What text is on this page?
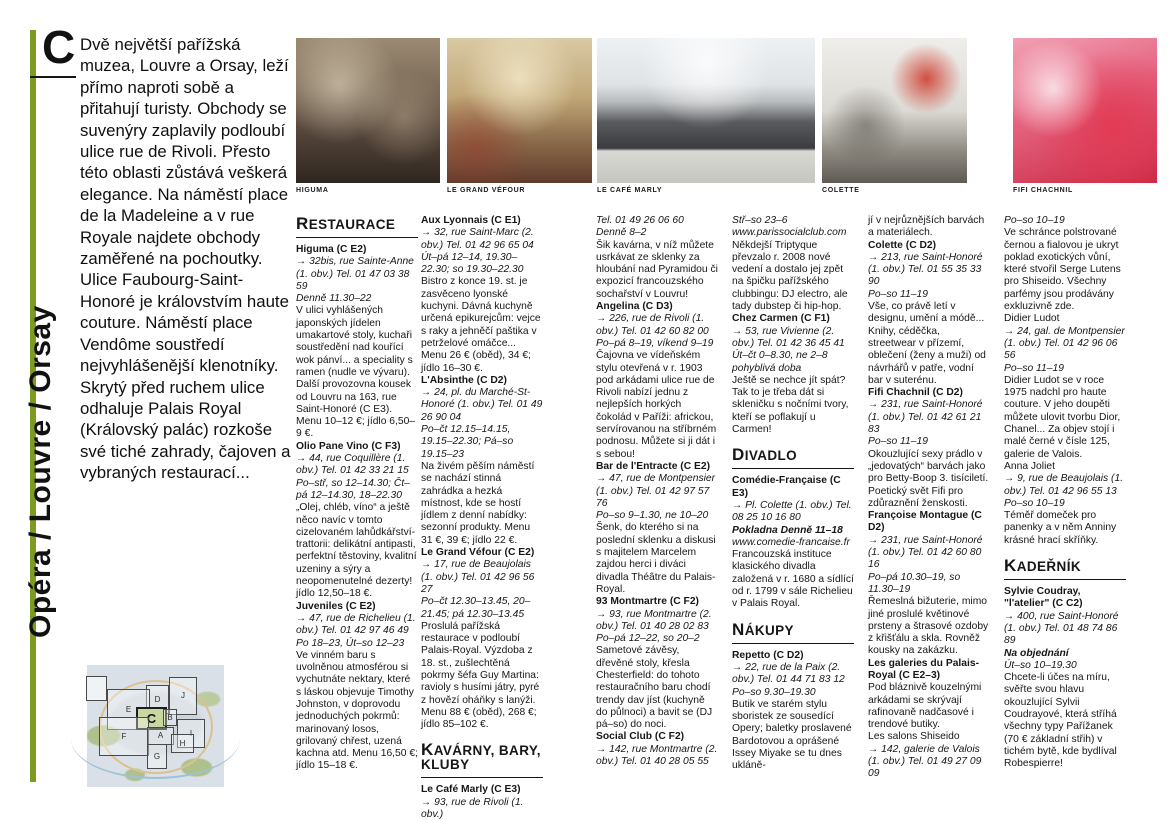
C
Opéra / Louvre / Orsay
Dvě největší pařížská muzea, Louvre a Orsay, leží přímo naproti sobě a přitahují turisty. Obchody se suvenýry zaplavily podloubí ulice rue de Rivoli. Přesto této oblasti zůstává veškerá elegance. Na náměstí place de la Madeleine a v rue Royale najdete obchody zaměřené na pochoutky. Ulice Faubourg-Saint-Honoré je královstvím haute couture. Náměstí place Vendôme soustředí nejvyhlášenější klenotníky. Skrytý před ruchem ulice odhaluje Palais Royal (Královský palác) rozkoše své tiché zahrady, čajoven a vybraných restaurací...
D	J
E
C	B
I
F	A
H
G
HIGUMA	LE GRAND VÉFOUR	LE CAFÉ MARLY	COLETTE	FIFI CHACHNIL
RESTAURACE

Higuma (C E2)

→ 32bis, rue Sainte-Anne (1. obv.) Tel. 01 47 03 38 59

Denně 11.30–22

V ulici vyhlášených japonských jídelen umakartové stoly, kuchaři soustředění nad kouřící wok pánví... a speciality s ramen (nudle ve vývaru). Další provozovna kousek od Louvru na 163, rue Saint-Honoré (C E3). Menu 10–12 €; jídlo 6,50–9 €.

Olio Pane Vino (C F3)

→ 44, rue Coquillère (1. obv.) Tel. 01 42 33 21 15

Po–stř, so 12–14.30; Čt–pá 12–14.30, 18–22.30

„Olej, chléb, víno“ a ještě něco navíc v tomto cizelovaném lahůdkářství-trattorii: delikátní antipasti, perfektní těstoviny, kvalitní uzeniny a sýry a neopomenutelné dezerty! jídlo 12,50–18 €.

Juveniles (C E2)

→ 47, rue de Richelieu (1. obv.) Tel. 01 42 97 46 49

Po 18–23, Út–so 12–23

Ve vinném baru s uvolněnou atmosférou si vychutnáte nektary, které s láskou objevuje Timothy Johnston, v doprovodu jednoduchých pokrmů: marinovaný losos, grilovaný chřest, uzená kachna atd. Menu 16,50 €; jídlo 15–18 €.

Aux Lyonnais (C E1)

→ 32, rue Saint-Marc (2. obv.) Tel. 01 42 96 65 04

Út–pá 12–14, 19.30–22.30; so 19.30–22.30

Bistro z konce 19. st. je zasvěceno lyonské kuchyni. Dávná kuchyně určená epikurejcům: vejce s raky a jehněčí paštika v petrželové omáčce... Menu 26 € (oběd), 34 €; jídlo 16–30 €.

L'Absinthe (C D2)

→ 24, pl. du Marché-St-Honoré (1. obv.) Tel. 01 49 26 90 04

Po–čt 12.15–14.15, 19.15–22.30; Pá–so 19.15–23

Na živém pěším náměstí se nachází stinná zahrádka a hezká místnost, kde se hostí jídlem z denní nabídky: sezonní produkty. Menu 31 €, 39 €; jídlo 22 €.

Le Grand Véfour (C E2)

→ 17, rue de Beaujolais (1. obv.) Tel. 01 42 96 56 27

Po–čt 12.30–13.45, 20–21.45; pá 12.30–13.45

Proslulá pařížská restaurace v podloubí Palais-Royal. Výzdoba z 18. st., zušlechtěná pokrmy šéfa Guy Martina: ravioly s husími játry, pyré z hovězí oháňky s lanýži. Menu 88 € (oběd), 268 €; jídlo 85–102 €.

KAVÁRNY, BARY, KLUBY

Le Café Marly (C E3)

→ 93, rue de Rivoli (1. obv.)

Tel. 01 49 26 06 60

Denně 8–2

Šik kavárna, v níž můžete usrkávat ze sklenky za hloubání nad Pyramidou či expozicí francouzského sochařství v Louvru!

Angelina (C D3)

→ 226, rue de Rivoli (1. obv.) Tel. 01 42 60 82 00

Po–pá 8–19, víkend 9–19

Čajovna ve vídeňském stylu otevřená v r. 1903 pod arkádami ulice rue de Rivoli nabízí jednu z nejlepších horkých čokolád v Paříži: africkou, servírovanou na stříbrném podnosu. Můžete si ji dát i s sebou!

Bar de l'Entracte (C E2)

→ 47, rue de Montpensier (1. obv.) Tel. 01 42 97 57 76

Po–so 9–1.30, ne 10–20

Šenk, do kterého si na poslední sklenku a diskusi s majitelem Marcelem zajdou herci i diváci divadla Théâtre du Palais-Royal.

93 Montmartre (C F2)

→ 93, rue Montmartre (2. obv.) Tel. 01 40 28 02 83

Po–pá 12–22, so 20–2

Sametové závěsy, dřevěné stoly, křesla Chesterfield: do tohoto restauračního baru chodí trendy dav jíst (kuchyně do půlnoci) a bavit se (DJ pá–so) do noci.

Social Club (C F2)

→ 142, rue Montmartre (2. obv.) Tel. 01 40 28 05 55

Stř–so 23–6

www.parissocialclub.com

Někdejší Triptyque převzalo r. 2008 nové vedení a dostalo jej zpět na špičku pařížského clubbingu: DJ electro, ale tady dubstep či hip-hop.

Chez Carmen (C F1)

→ 53, rue Vivienne (2. obv.) Tel. 01 42 36 45 41

Út–čt 0–8.30, ne 2–8 pohyblivá doba

Ještě se nechce jít spát? Tak to je třeba dát si skleničku s nočními tvory, kteří se poflakují u Carmen!

DIVADLO

Comédie-Française (C E3)

→ Pl. Colette (1. obv.) Tel. 08 25 10 16 80

Pokladna Denně 11–18

www.comedie-francaise.fr

Francouzská instituce klasického divadla založená v r. 1680 a sídlící od r. 1799 v sále Richelieu v Palais Royal.

NÁKUPY

Repetto (C D2)

→ 22, rue de la Paix (2. obv.) Tel. 01 44 71 83 12

Po–so 9.30–19.30

Butik ve starém stylu sboristek ze sousedící Opery; baletky proslavené Bardotovou a oprášené Issey Miyake se tu dnes ukláně-

jí v nejrůznějších barvách a materiálech.

Colette (C D2)

→ 213, rue Saint-Honoré (1. obv.) Tel. 01 55 35 33 90

Po–so 11–19

Vše, co právě letí v designu, umění a módě... Knihy, céděčka, streetwear v přízemí, oblečení (ženy a muži) od návrhářů v patře, vodní bar v suterénu.

Fifi Chachnil (C D2)

→ 231, rue Saint-Honoré (1. obv.) Tel. 01 42 61 21 83

Po–so 11–19

Okouzlující sexy prádlo v „jedovatých“ barvách jako pro Betty-Boop 3. tisíciletí. Poetický svět Fifi pro zdůraznění ženskosti.

Françoise Montague (C D2)

→ 231, rue Saint-Honoré (1. obv.) Tel. 01 42 60 80 16

Po–pá 10.30–19, so 11.30–19

Řemeslná bižuterie, mimo jiné proslulé květinové prsteny a štrasové ozdoby z křišťálu a skla. Rovněž kousky na zakázku.

Les galeries du Palais-Royal (C E2–3)

Pod bláznivě kouzelnými arkádami se skrývají rafinovaně nadčasové i trendové butiky.

Les salons Shiseido

→ 142, galerie de Valois (1. obv.) Tel. 01 49 27 09 09

Po–so 10–19

Ve schránce polstrované černou a fialovou je ukryt poklad exotických vůní, které stvořil Serge Lutens pro Shiseido. Všechny parfémy jsou prodávány exkluzivně zde.

Didier Ludot

→ 24, gal. de Montpensier (1. obv.) Tel. 01 42 96 06 56

Po–so 11–19

Didier Ludot se v roce 1975 nadchl pro haute couture. V jeho doupěti můžete ulovit tvorbu Dior, Chanel... Za objev stojí i malé černé v čísle 125, galerie de Valois.

Anna Joliet

→ 9, rue de Beaujolais (1. obv.) Tel. 01 42 96 55 13

Po–so 10–19

Téměř domeček pro panenky a v něm Anniny krásné hrací skříňky.

KADEŘNÍK

Sylvie Coudray, "l'atelier" (C C2)

→ 400, rue Saint-Honoré (1. obv.) Tel. 01 48 74 86 89

Na objednání

Út–so 10–19.30

Chcete-li účes na míru, svěřte svou hlavu okouzlující Sylvii Coudrayové, která stříhá všechny typy Pařížanek (70 € základní střih) v tichém bytě, kde bydlíval Robespierre!
